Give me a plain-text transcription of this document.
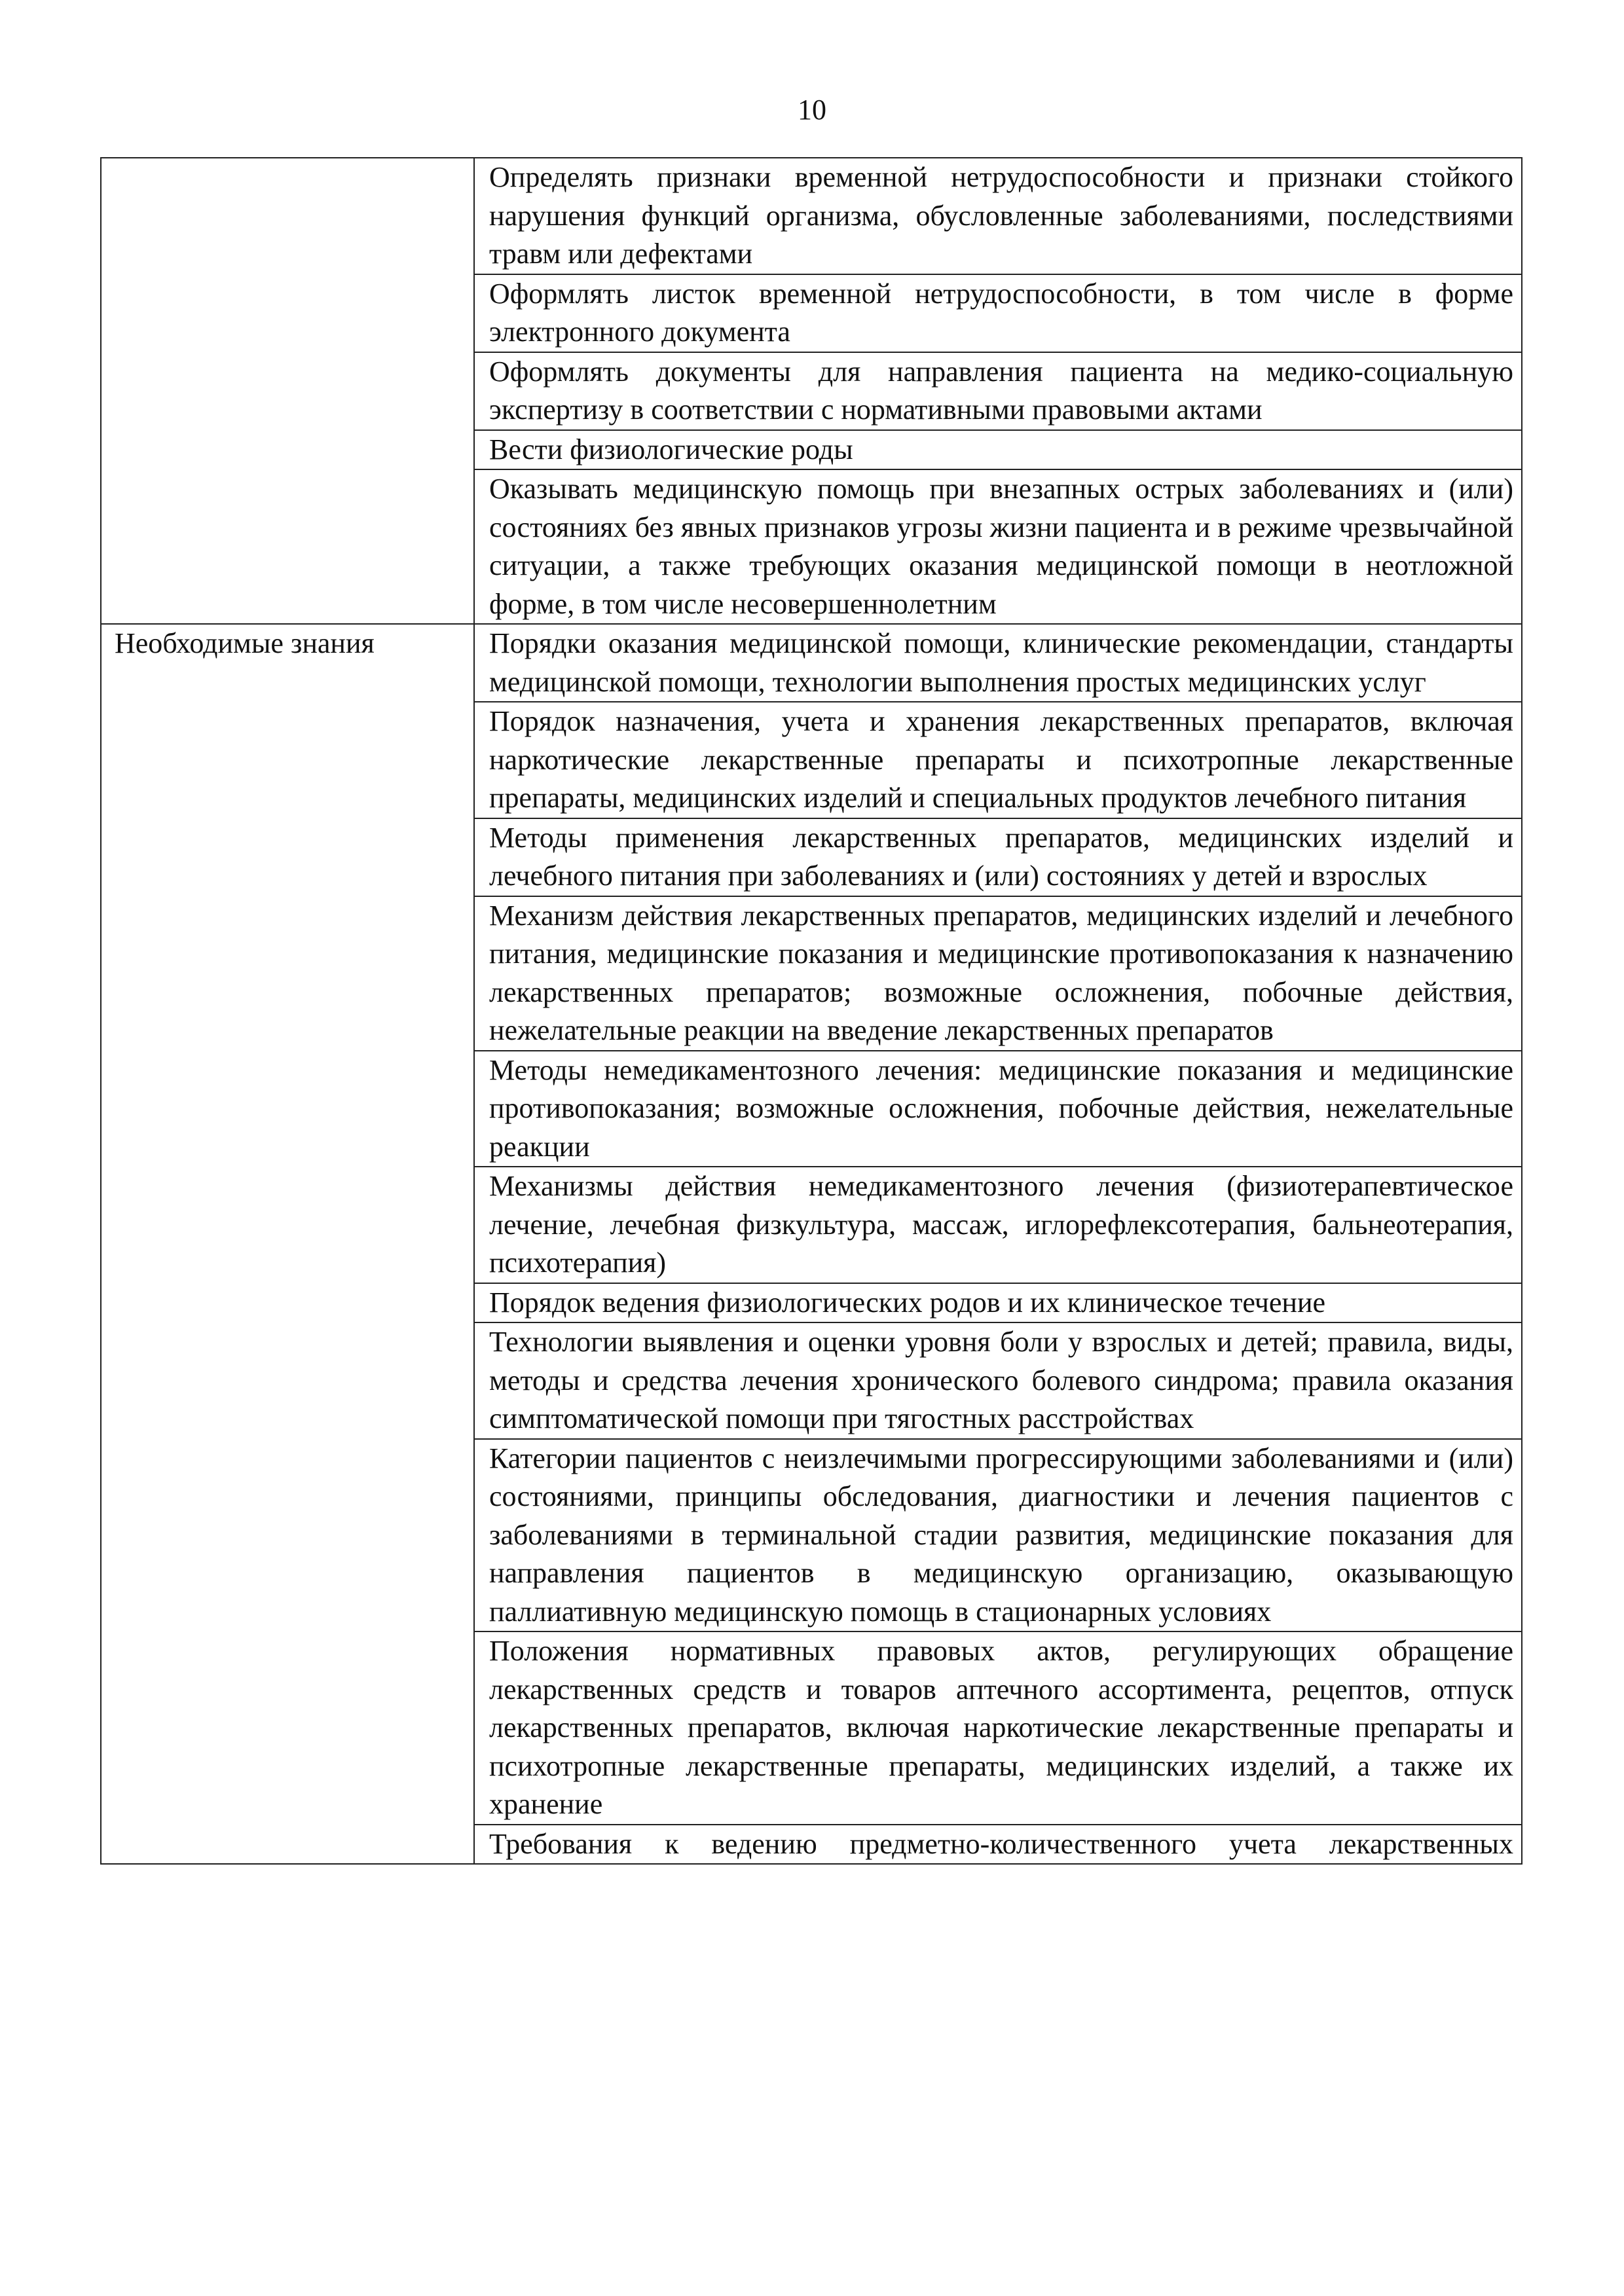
10
	Определять признаки временной нетрудоспособности и признаки стойкого нарушения функций организма, обусловленные заболеваниями, последствиями травм или дефектами
	Оформлять листок временной нетрудоспособности, в том числе в форме электронного документа
	Оформлять документы для направления пациента на медико-социальную экспертизу в соответствии с нормативными правовыми актами
	Вести физиологические роды
	Оказывать медицинскую помощь при внезапных острых заболеваниях и (или) состояниях без явных признаков угрозы жизни пациента и в режиме чрезвычайной ситуации, а также требующих оказания медицинской помощи в неотложной форме, в том числе несовершеннолетним
Необходимые знания	Порядки оказания медицинской помощи, клинические рекомендации, стандарты медицинской помощи, технологии выполнения простых медицинских услуг
	Порядок назначения, учета и хранения лекарственных препаратов, включая наркотические лекарственные препараты и психотропные лекарственные препараты, медицинских изделий и специальных продуктов лечебного питания
	Методы применения лекарственных препаратов, медицинских изделий и лечебного питания при заболеваниях и (или) состояниях у детей и взрослых
	Механизм действия лекарственных препаратов, медицинских изделий и лечебного питания, медицинские показания и медицинские противопоказания к назначению лекарственных препаратов; возможные осложнения, побочные действия, нежелательные реакции на введение лекарственных препаратов
	Методы немедикаментозного лечения: медицинские показания и медицинские противопоказания; возможные осложнения, побочные действия, нежелательные реакции
	Механизмы действия немедикаментозного лечения (физиотерапевтическое лечение, лечебная физкультура, массаж, иглорефлексотерапия, бальнеотерапия, психотерапия)
	Порядок ведения физиологических родов и их клиническое течение
	Технологии выявления и оценки уровня боли у взрослых и детей; правила, виды, методы и средства лечения хронического болевого синдрома; правила оказания симптоматической помощи при тягостных расстройствах
	Категории пациентов с неизлечимыми прогрессирующими заболеваниями и (или) состояниями, принципы обследования, диагностики и лечения пациентов с заболеваниями в терминальной стадии развития, медицинские показания для направления пациентов в медицинскую организацию, оказывающую паллиативную медицинскую помощь в стационарных условиях
	Положения нормативных правовых актов, регулирующих обращение лекарственных средств и товаров аптечного ассортимента, рецептов, отпуск лекарственных препаратов, включая наркотические лекарственные препараты и психотропные лекарственные препараты, медицинских изделий, а также их хранение
	Требования к ведению предметно-количественного учета лекарственных
